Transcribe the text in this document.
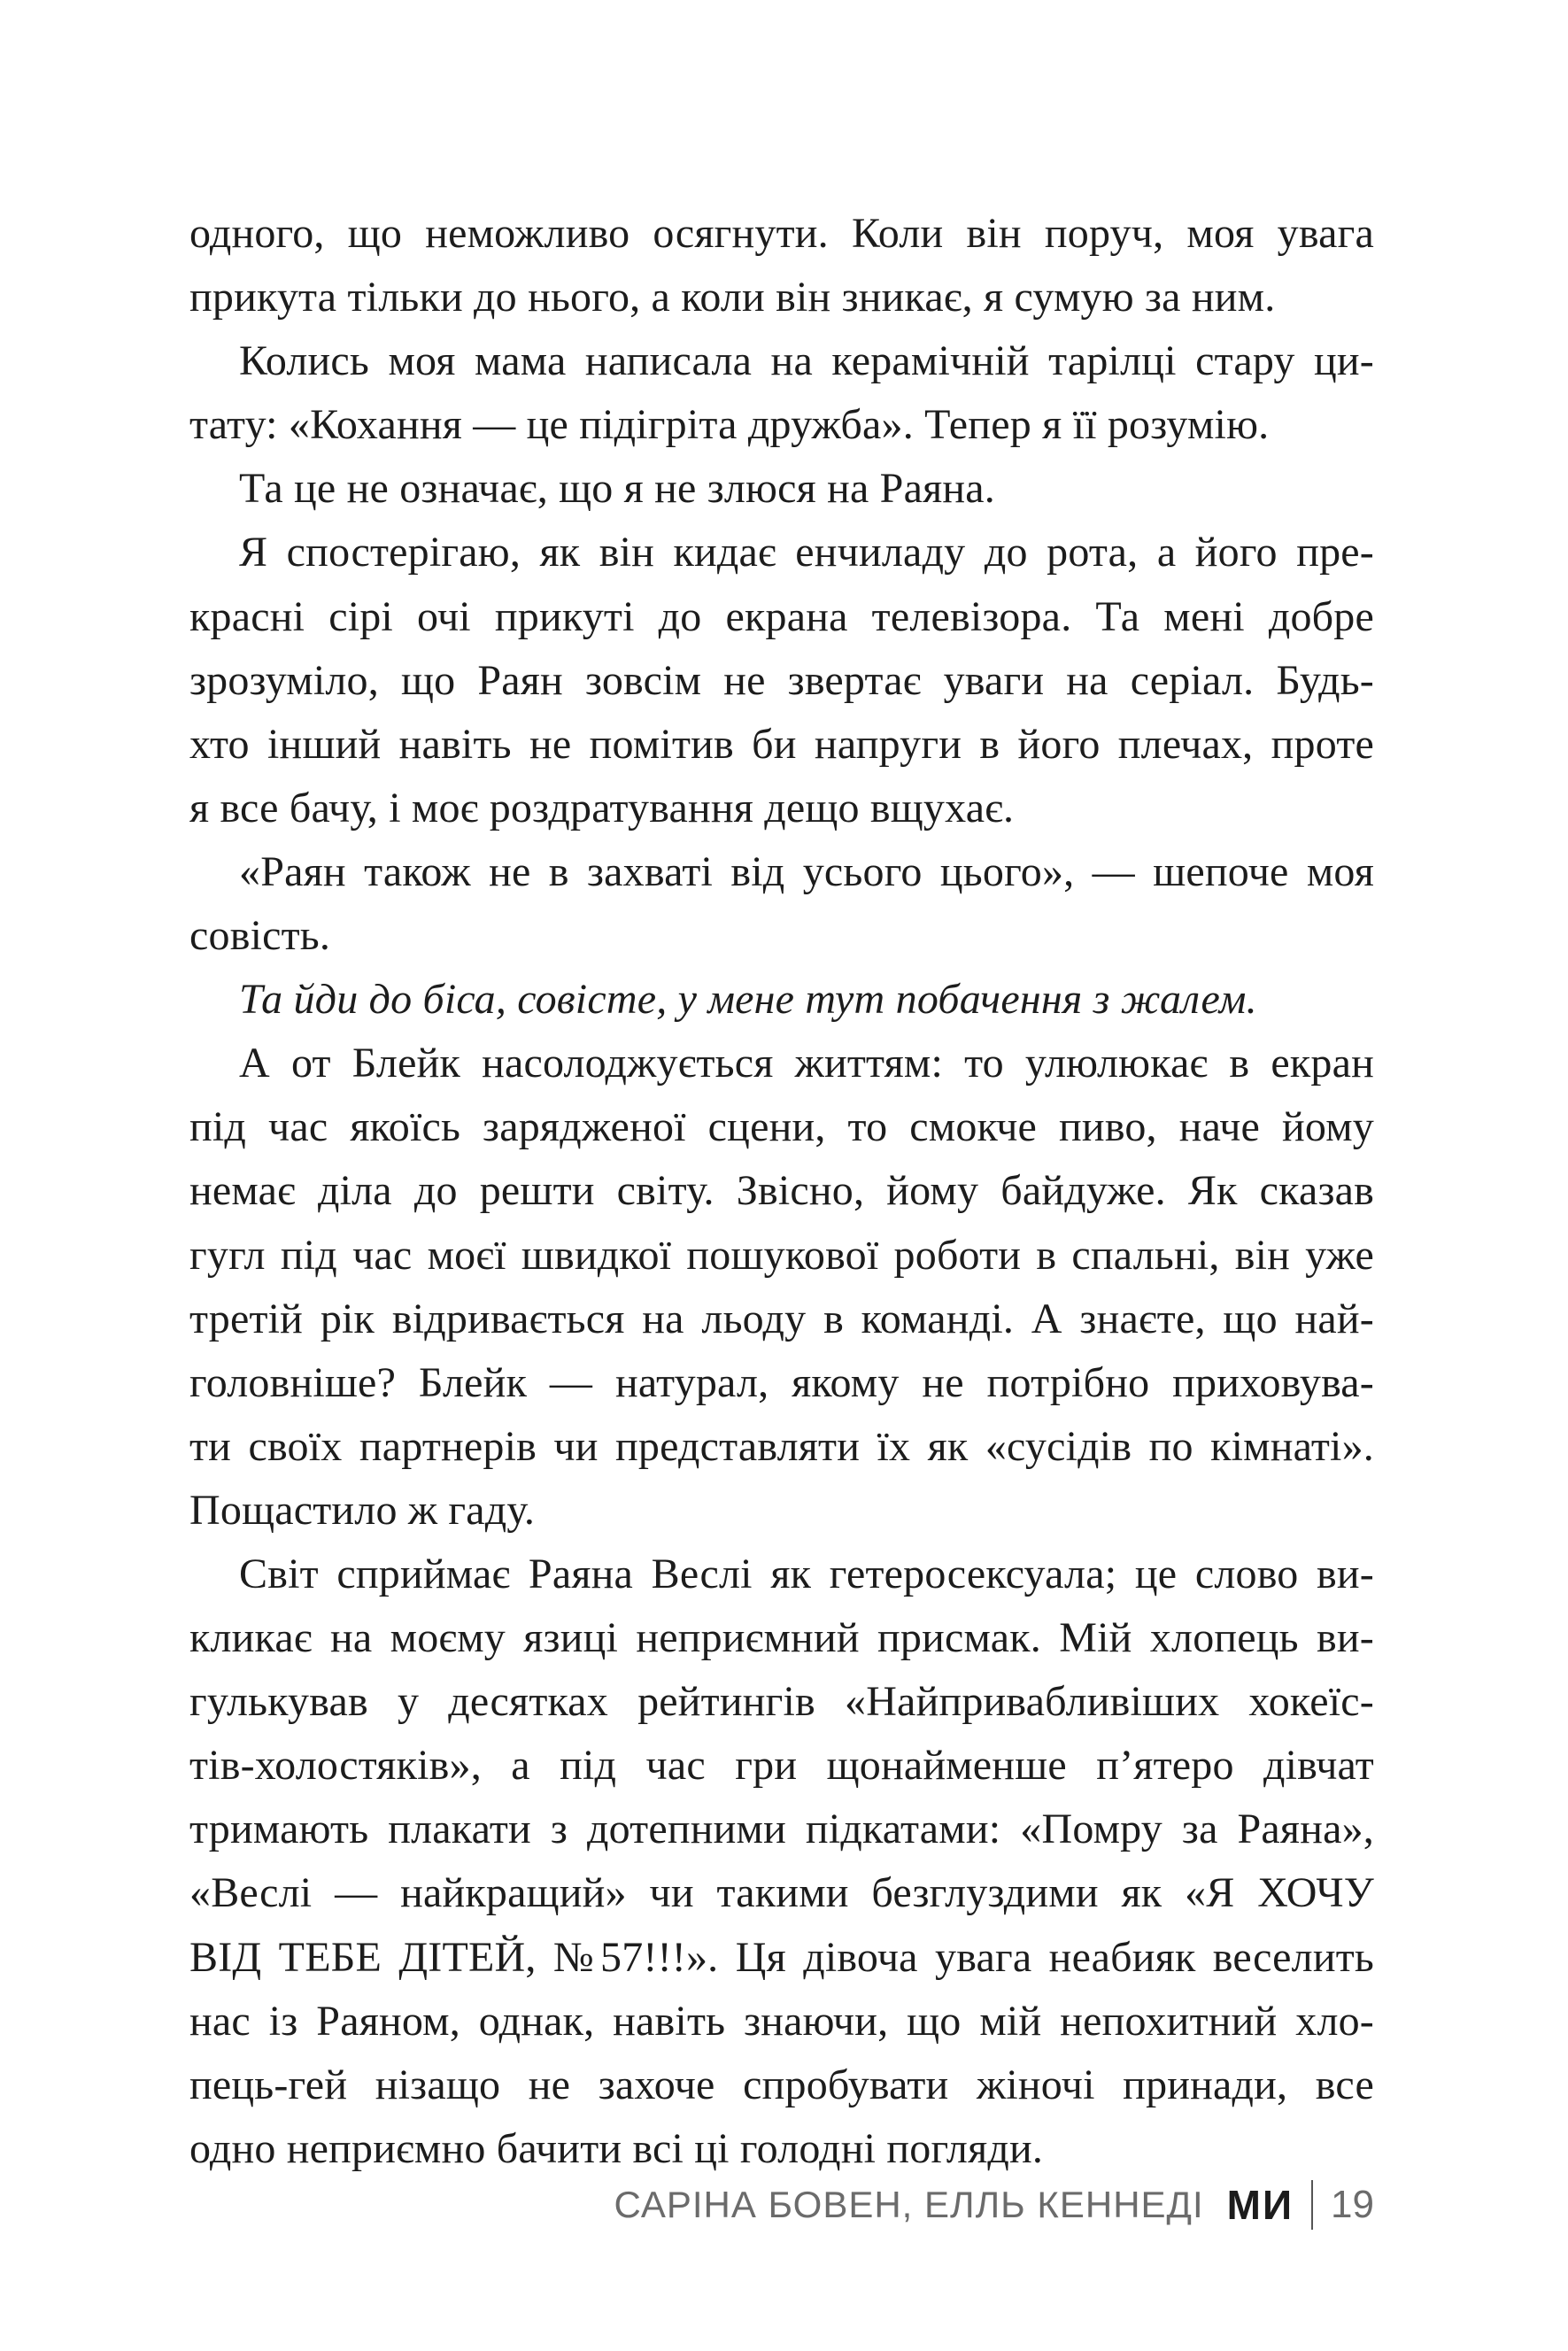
одного, що неможливо осягнути. Коли він поруч, моя увага
прикута тільки до нього, а коли він зникає, я сумую за ним.
Колись моя мама написала на керамічній тарілці стару ци-
тату: «Кохання — це підігріта дружба». Тепер я її розумію.
Та це не означає, що я не злюся на Раяна.
Я спостерігаю, як він кидає енчиладу до рота, а його пре-
красні сірі очі прикуті до екрана телевізора. Та мені добре
зрозуміло, що Раян зовсім не звертає уваги на серіал. Будь-
хто інший навіть не помітив би напруги в його плечах, проте
я все бачу, і моє роздратування дещо вщухає.
«Раян також не в захваті від усього цього», — шепоче моя
совість.
Та йди до біса, совісте, у мене тут побачення з жалем.
А от Блейк насолоджується життям: то улюлюкає в екран
під час якоїсь зарядженої сцени, то смокче пиво, наче йому
немає діла до решти світу. Звісно, йому байдуже. Як сказав
гугл під час моєї швидкої пошукової роботи в спальні, він уже
третій рік відривається на льоду в команді. А знаєте, що най-
головніше? Блейк — натурал, якому не потрібно приховува-
ти своїх партнерів чи представляти їх як «сусідів по кімнаті».
Пощастило ж гаду.
Світ сприймає Раяна Веслі як гетеросексуала; це слово ви-
кликає на моєму язиці неприємний присмак. Мій хлопець ви-
гулькував у десятках рейтингів «Найпривабливіших хокеїс-
тів-холостяків», а під час гри щонайменше п’ятеро дівчат
тримають плакати з дотепними підкатами: «Помру за Раяна»,
«Веслі — найкращий» чи такими безглуздими як «Я ХОЧУ
ВІД ТЕБЕ ДІТЕЙ, №57!!!». Ця дівоча увага неабияк веселить
нас із Раяном, однак, навіть знаючи, що мій непохитний хло-
пець-гей нізащо не захоче спробувати жіночі принади, все
одно неприємно бачити всі ці голодні погляди.
САРІНА БОВЕН, ЕЛЛЬ КЕННЕДІ МИ 19
